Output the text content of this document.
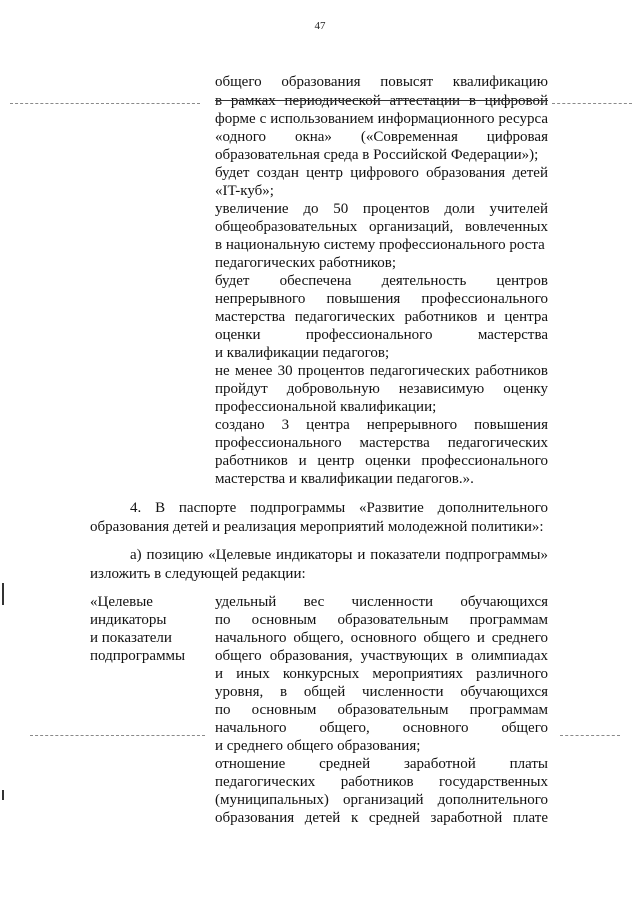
47
общего образования повысят квалификацию
в рамках периодической аттестации в цифровой
форме с использованием информационного ресурса
«одного окна» («Современная цифровая
образовательная среда в Российской Федерации»);
будет создан центр цифрового образования детей
«IT-куб»;
увеличение до 50 процентов доли учителей
общеобразовательных организаций, вовлеченных
в национальную систему профессионального роста
педагогических работников;
будет обеспечена деятельность центров
непрерывного повышения профессионального
мастерства педагогических работников и центра
оценки профессионального мастерства
и квалификации педагогов;
не менее 30 процентов педагогических работников
пройдут добровольную независимую оценку
профессиональной квалификации;
создано 3 центра непрерывного повышения
профессионального мастерства педагогических
работников и центр оценки профессионального
мастерства и квалификации педагогов.».
4. В паспорте подпрограммы «Развитие дополнительного
образования детей и реализация мероприятий молодежной политики»:
а) позицию «Целевые индикаторы и показатели подпрограммы»
изложить в следующей редакции:
«Целевые
индикаторы
и показатели
подпрограммы
удельный вес численности обучающихся
по основным образовательным программам
начального общего, основного общего и среднего
общего образования, участвующих в олимпиадах
и иных конкурсных мероприятиях различного
уровня, в общей численности обучающихся
по основным образовательным программам
начального общего, основного общего
и среднего общего образования;
отношение средней заработной платы
педагогических работников государственных
(муниципальных) организаций дополнительного
образования детей к средней заработной плате
